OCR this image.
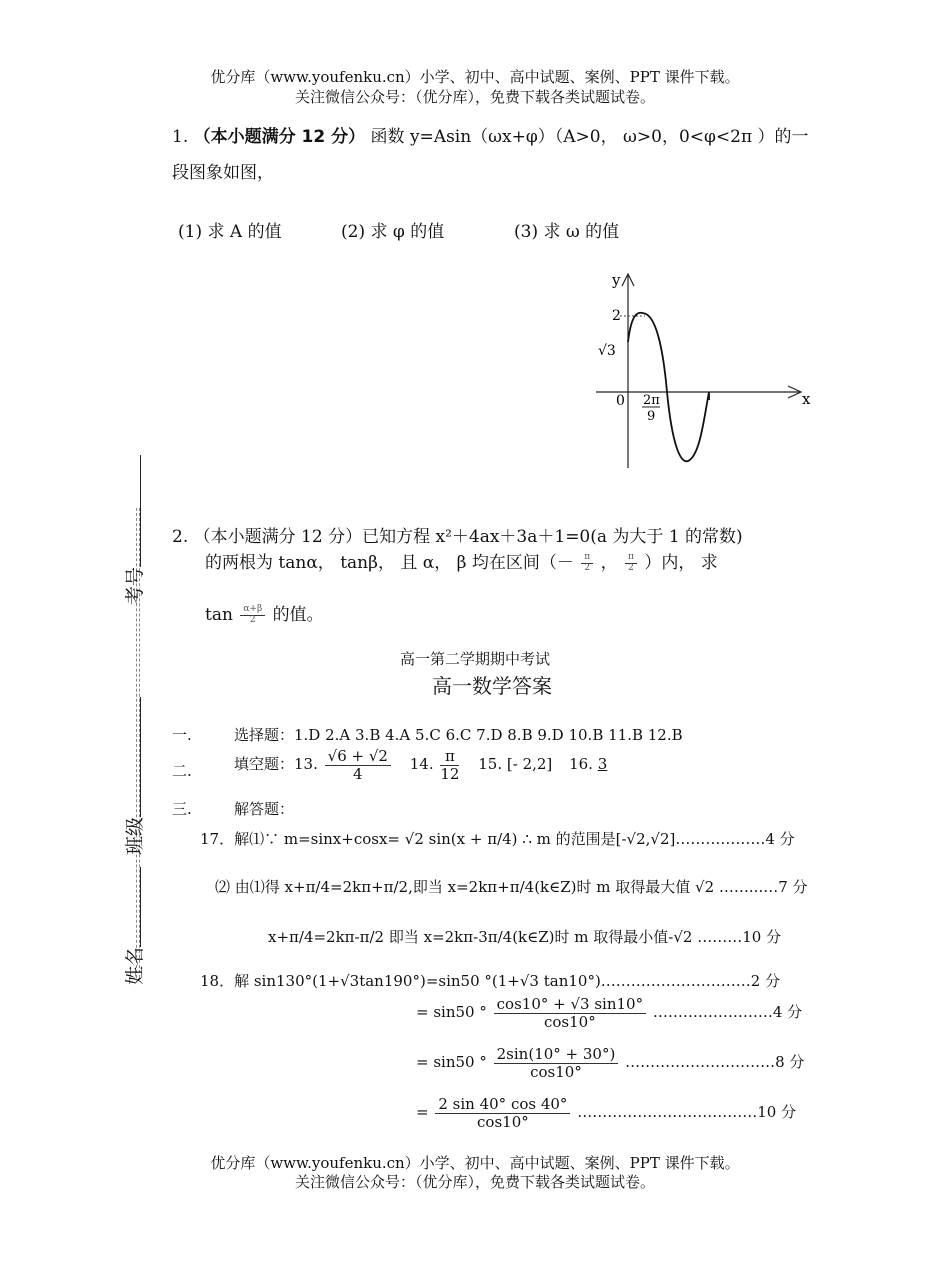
优分库（www.youfenku.cn）小学、初中、高中试题、案例、PPT 课件下载。
关注微信公众号：（优分库），免费下载各类试题试卷。
1. （本小题满分 12 分） 函数 y=Asin（ωx+φ）（A>0， ω>0，0<φ<2π ）的一
段图象如图，
(1) 求 A 的值	(2) 求 φ 的值	(3) 求 ω 的值
y
x
0
2
√3
2π
9
2. （本小题满分 12 分）已知方程 x²＋4ax＋3a＋1=0(a 为大于 1 的常数)
的两根为 tanα， tanβ， 且 α， β 均在区间（－ $\frac{\pi}{2}$ ， $\frac{\pi}{2}$ ）内， 求
$\tan \frac{\alpha+\beta}{2}$ 的值。
考号
班级
姓名
高一第二学期期中考试
高一数学答案
一.	选择题：1.D 2.A 3.B 4.A 5.C 6.C 7.D 8.B 9.D 10.B 11.B 12.B
二.	填空题：13. $\frac{√6 + √2}{4} 14$. $\frac{\pi}{12} 15$. [- 2,2] 16. 3
三.	解答题：
17．解⑴∵ m=sinx+cosx= √2 sin(x + π/4) ∴ m 的范围是[-√2,√2]………………4 分
⑵ 由⑴得 x+π/4=2kπ+π/2,即当 x=2kπ+π/4(k∈Z)时 m 取得最大值 √2 ……...…7 分
x+π/4=2kπ-π/2 即当 x=2kπ-3π/4(k∈Z)时 m 取得最小值-√2 ………10 分
18．解 sin130°(1+√3tan190°)=sin50 °(1+√3 tan10°)…………………………2 分
= sin50 ° $\frac{\cos 10^\circ + √3 \sin 10^\circ}{\cos 10^\circ}$ ……………………4 分
= sin50 ° $\frac{2\sin(10^\circ + 30^\circ)}{\cos 10^\circ}$ …………………………8 分
= $\frac{2 \sin 40^\circ \cos 40^\circ}{\cos 10^\circ}$ ………………………………10 分
优分库（www.youfenku.cn）小学、初中、高中试题、案例、PPT 课件下载。
关注微信公众号：（优分库），免费下载各类试题试卷。
